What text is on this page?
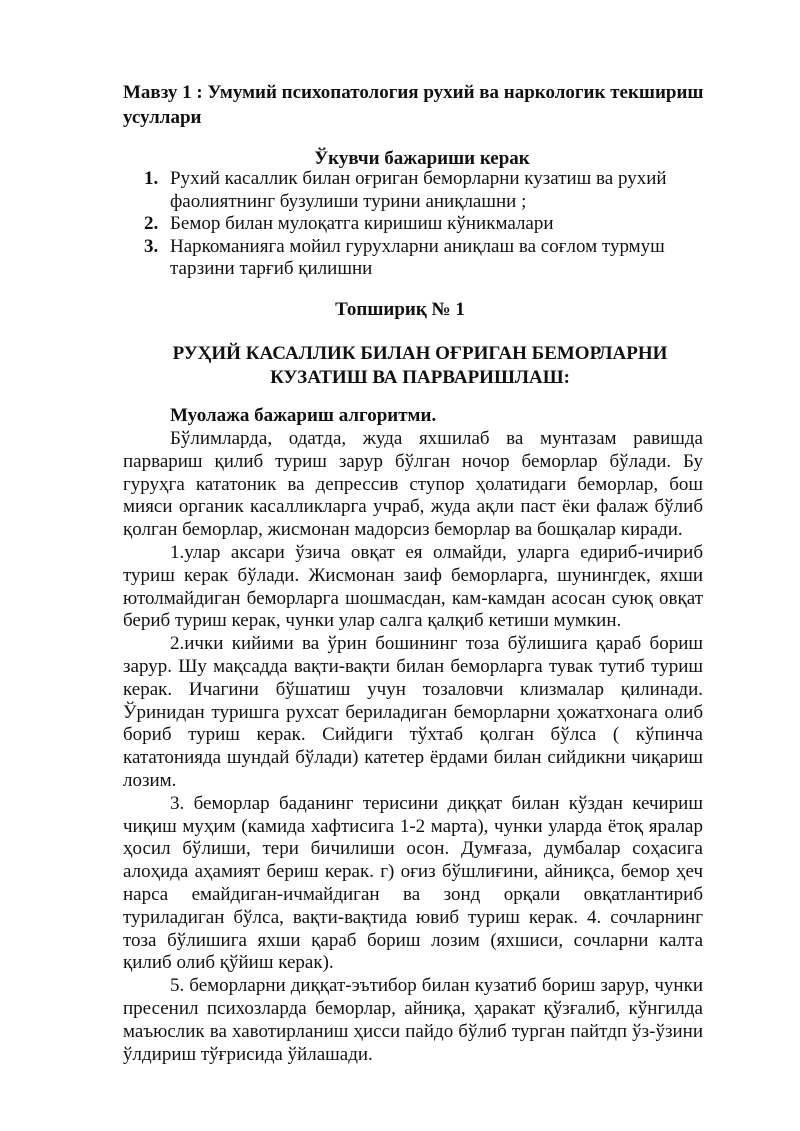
Мавзу 1 : Умумий психопатология рухий ва наркологик текшириш усуллари
Ўкувчи бажариши керак
1. Рухий касаллик билан оғриган беморларни кузатиш ва рухий фаолиятнинг бузулиши турини аниқлашни ;
2. Бемор билан мулоқатга киришиш кўникмалари
3. Наркоманияга мойил гурухларни аниқлаш ва соғлом турмуш тарзини тарғиб қилишни
Топшириқ № 1
РУҲИЙ КАСАЛЛИК БИЛАН ОҒРИГАН БЕМОРЛАРНИ КУЗАТИШ ВА ПАРВАРИШЛАШ:
Муолажа бажариш алгоритми.

Бўлимларда, одатда, жуда яхшилаб ва мунтазам равишда парвариш қилиб туриш зарур бўлган ночор беморлар бўлади. Бу гуруҳга кататоник ва депрессив ступор ҳолатидаги беморлар, бош мияси органик касалликларга учраб, жуда ақли паст ёки фалаж бўлиб қолган беморлар, жисмонан мадорсиз беморлар ва бошқалар киради.

1.улар аксари ўзича овқат ея олмайди, уларга едириб-ичириб туриш керак бўлади. Жисмонан заиф беморларга, шунингдек, яхши ютолмайдиган беморларга шошмасдан, кам-камдан асосан суюқ овқат бериб туриш керак, чунки улар салга қалқиб кетиши мумкин.

2.ички кийими ва ўрин бошининг тоза бўлишига қараб бориш зарур. Шу мақсадда вақти-вақти билан беморларга тувак тутиб туриш керак. Ичагини бўшатиш учун тозаловчи клизмалар қилинади. Ўринидан туришга рухсат бериладиган беморларни ҳожатхонага олиб бориб туриш керак. Сийдиги тўхтаб қолган бўлса ( кўпинча кататонияда шундай бўлади) катетер ёрдами билан сийдикни чиқариш лозим.

3. беморлар баданинг терисини диққат билан кўздан кечириш чиқиш муҳим (камида хафтисига 1-2 марта), чунки уларда ётоқ яралар ҳосил бўлиши, тери бичилиши осон. Думғаза, думбалар соҳасига алоҳида аҳамият бериш керак. г) оғиз бўшлиғини, айниқса, бемор ҳеч нарса емайдиган-ичмайдиган ва зонд орқали овқатлантириб туриладиган бўлса, вақти-вақтида ювиб туриш керак. 4. сочларнинг тоза бўлишига яхши қараб бориш лозим (яхшиси, сочларни калта қилиб олиб қўйиш керак).

5. беморларни диққат-эътибор билан кузатиб бориш зарур, чунки пресенил психозларда беморлар, айниқа, ҳаракат қўзғалиб, кўнгилда маъюслик ва хавотирланиш ҳисси пайдо бўлиб турган пайтдп ўз-ўзини ўлдириш тўғрисида ўйлашади.
